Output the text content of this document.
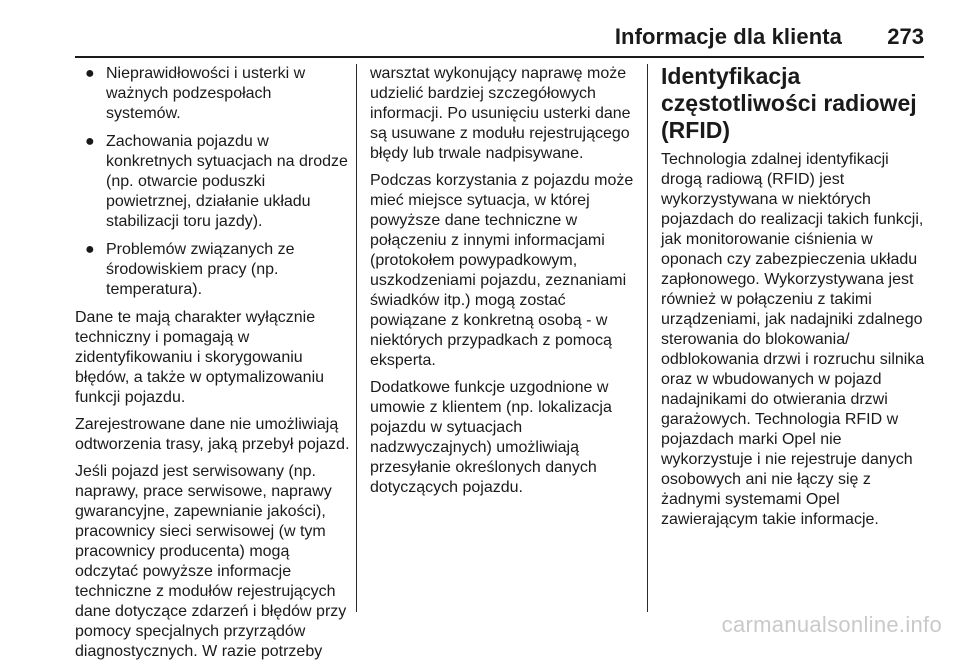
Informacje dla klienta 273
● Nieprawidłowości i usterki w ważnych podzespołach systemów.
● Zachowania pojazdu w konkretnych sytuacjach na drodze (np. otwarcie poduszki powietrznej, działanie układu stabilizacji toru jazdy).
● Problemów związanych ze środowiskiem pracy (np. temperatura).

Dane te mają charakter wyłącznie techniczny i pomagają w zidentyfikowaniu i skorygowaniu błędów, a także w optymalizowaniu funkcji pojazdu.

Zarejestrowane dane nie umożliwiają odtworzenia trasy, jaką przebył pojazd.

Jeśli pojazd jest serwisowany (np. naprawy, prace serwisowe, naprawy gwarancyjne, zapewnianie jakości), pracownicy sieci serwisowej (w tym pracownicy producenta) mogą odczytać powyższe informacje techniczne z modułów rejestrujących dane dotyczące zdarzeń i błędów przy pomocy specjalnych przyrządów diagnostycznych. W razie potrzeby

warsztat wykonujący naprawę może udzielić bardziej szczegółowych informacji. Po usunięciu usterki dane są usuwane z modułu rejestrującego błędy lub trwale nadpisywane.

Podczas korzystania z pojazdu może mieć miejsce sytuacja, w której powyższe dane techniczne w połączeniu z innymi informacjami (protokołem powypadkowym, uszkodzeniami pojazdu, zeznaniami świadków itp.) mogą zostać powiązane z konkretną osobą - w niektórych przypadkach z pomocą eksperta.

Dodatkowe funkcje uzgodnione w umowie z klientem (np. lokalizacja pojazdu w sytuacjach nadzwyczajnych) umożliwiają przesyłanie określonych danych dotyczących pojazdu.

Identyfikacja częstotliwości radiowej (RFID)

Technologia zdalnej identyfikacji drogą radiową (RFID) jest wykorzystywana w niektórych pojazdach do realizacji takich funkcji, jak monitorowanie ciśnienia w oponach czy zabezpieczenia układu zapłonowego. Wykorzystywana jest również w połączeniu z takimi urządzeniami, jak nadajniki zdalnego sterowania do blokowania/ odblokowania drzwi i rozruchu silnika oraz w wbudowanych w pojazd nadajnikami do otwierania drzwi garażowych. Technologia RFID w pojazdach marki Opel nie wykorzystuje i nie rejestruje danych osobowych ani nie łączy się z żadnymi systemami Opel zawierającym takie informacje.

carmanualsonline.info
